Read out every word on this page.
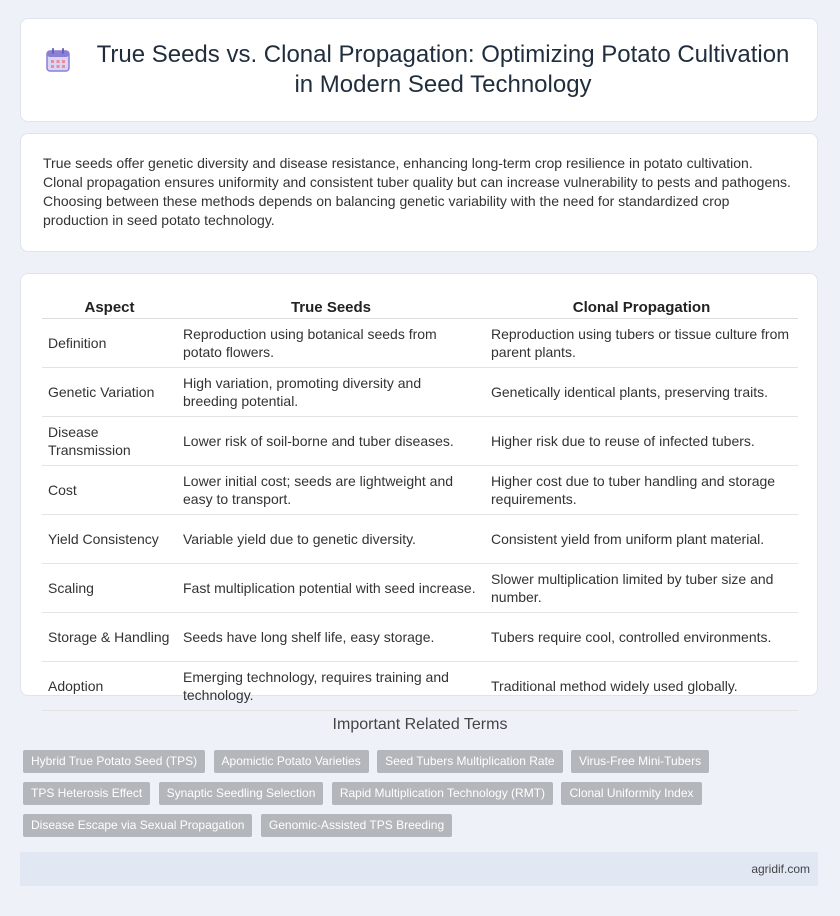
True Seeds vs. Clonal Propagation: Optimizing Potato Cultivation in Modern Seed Technology

True seeds offer genetic diversity and disease resistance, enhancing long-term crop resilience in potato cultivation. Clonal propagation ensures uniformity and consistent tuber quality but can increase vulnerability to pests and pathogens. Choosing between these methods depends on balancing genetic variability with the need for standardized crop production in seed potato technology.

Aspect	True Seeds	Clonal Propagation
Definition	Reproduction using botanical seeds from potato flowers.	Reproduction using tubers or tissue culture from parent plants.
Genetic Variation	High variation, promoting diversity and breeding potential.	Genetically identical plants, preserving traits.
Disease Transmission	Lower risk of soil-borne and tuber diseases.	Higher risk due to reuse of infected tubers.
Cost	Lower initial cost; seeds are lightweight and easy to transport.	Higher cost due to tuber handling and storage requirements.
Yield Consistency	Variable yield due to genetic diversity.	Consistent yield from uniform plant material.
Scaling	Fast multiplication potential with seed increase.	Slower multiplication limited by tuber size and number.
Storage & Handling	Seeds have long shelf life, easy storage.	Tubers require cool, controlled environments.
Adoption	Emerging technology, requires training and technology.	Traditional method widely used globally.
Important Related Terms
Hybrid True Potato Seed (TPS) Apomictic Potato Varieties Seed Tubers Multiplication Rate Virus-Free Mini-Tubers TPS Heterosis Effect Synaptic Seedling Selection Rapid Multiplication Technology (RMT) Clonal Uniformity Index Disease Escape via Sexual Propagation Genomic-Assisted TPS Breeding
agridif.com
